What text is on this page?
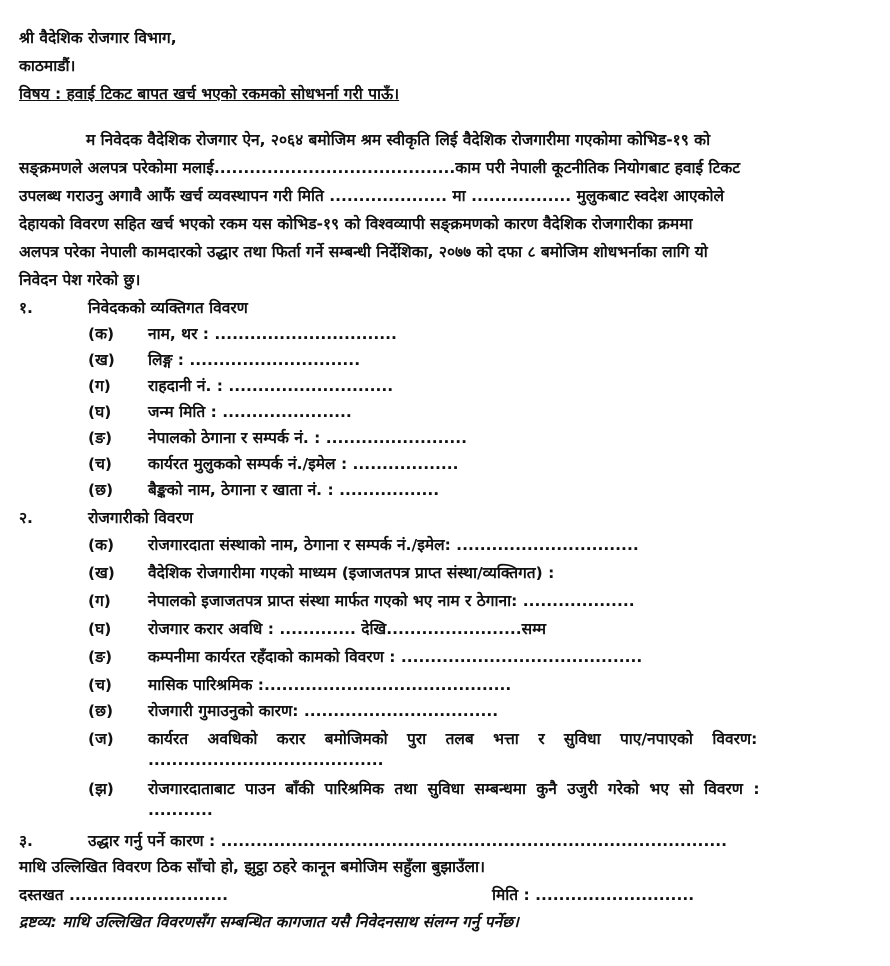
श्री वैदेशिक रोजगार विभाग,
काठमाडौं।
विषय : हवाई टिकट बापत खर्च भएको रकमको सोधभर्ना गरी पाऊँ।
म निवेदक वैदेशिक रोजगार ऐन, २०६४ बमोजिम श्रम स्वीकृति लिई वैदेशिक रोजगारीमा गएकोमा कोभिड-१९ को
सङ्क्रमणले अलपत्र परेकोमा मलाई.........................................काम परी नेपाली कूटनीतिक नियोगबाट हवाई टिकट
उपलब्ध गराउनु अगावै आफैं खर्च व्यवस्थापन गरी मिति .................... मा ................. मुलुकबाट स्वदेश आएकोले
देहायको विवरण सहित खर्च भएको रकम यस कोभिड-१९ को विश्वव्यापी सङ्क्रमणको कारण वैदेशिक रोजगारीका क्रममा
अलपत्र परेका नेपाली कामदारको उद्धार तथा फिर्ता गर्ने सम्बन्धी निर्देशिका, २०७७ को दफा ८ बमोजिम शोधभर्नाका लागि यो
निवेदन पेश गरेको छु।
१.	निवेदकको व्यक्तिगत विवरण
(क) नाम, थर : ...............................
(ख) लिङ्ग : .............................
(ग) राहदानी नं. : ............................
(घ) जन्म मिति : ......................
(ङ) नेपालको ठेगाना र सम्पर्क नं. : ........................
(च) कार्यरत मुलुकको सम्पर्क नं./इमेल : ..................
(छ) बैङ्कको नाम, ठेगाना र खाता नं. : .................
२.	रोजगारीको विवरण
(क) रोजगारदाता संस्थाको नाम, ठेगाना र सम्पर्क नं./इमेल: ...............................
(ख) वैदेशिक रोजगारीमा गएको माध्यम (इजाजतपत्र प्राप्त संस्था/व्यक्तिगत) :
(ग) नेपालको इजाजतपत्र प्राप्त संस्था मार्फत गएको भए नाम र ठेगाना: ...................
(घ) रोजगार करार अवधि : ............. देखि.......................सम्म
(ङ) कम्पनीमा कार्यरत रहँदाको कामको विवरण : .........................................
(च) मासिक पारिश्रमिक :..........................................
(छ) रोजगारी गुमाउनुको कारण: .................................
(ज) कार्यरत अवधिको करार बमोजिमको पुरा तलब भत्ता र सुविधा पाए/नपाएको विवरण:
........................................
(झ) रोजगारदाताबाट पाउन बाँकी पारिश्रमिक तथा सुविधा सम्बन्धमा कुनै उजुरी गरेको भए सो विवरण :
...........
३.	उद्धार गर्नु पर्ने कारण : ......................................................................................
माथि उल्लिखित विवरण ठिक साँचो हो, झुट्ठा ठहरे कानून बमोजिम सहुँला बुझाउँला।
दस्तखत ...........................	मिति : ...........................
द्रष्टव्य: माथि उल्लिखित विवरणसँग सम्बन्धित कागजात यसै निवेदनसाथ संलग्न गर्नु पर्नेछ।
